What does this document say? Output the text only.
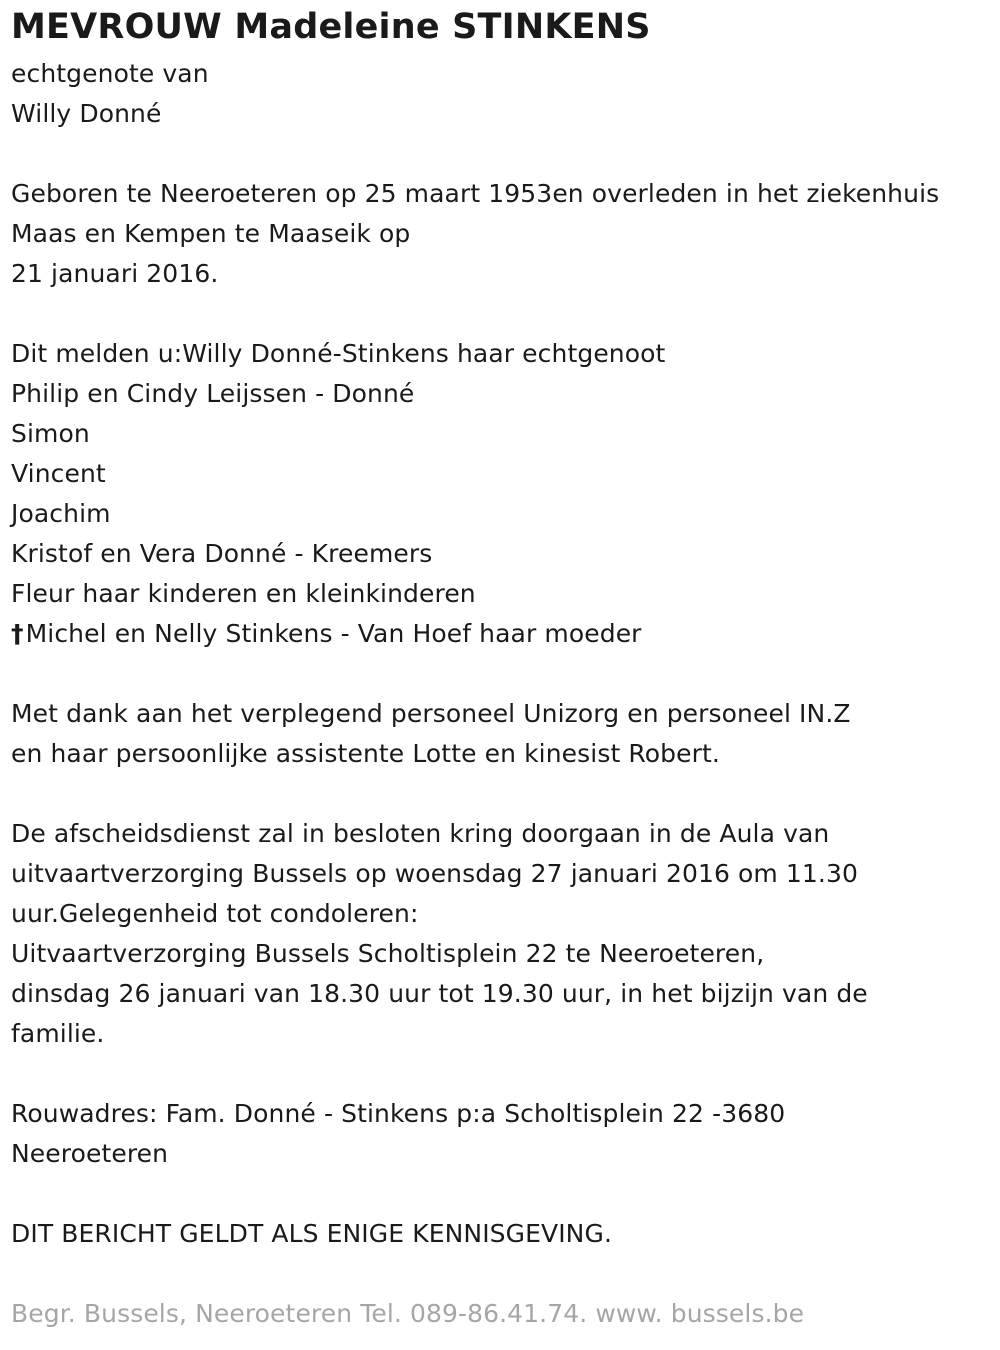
MEVROUW Madeleine STINKENS
echtgenote van
Willy Donné
Geboren te Neeroeteren op 25 maart 1953en overleden in het ziekenhuis
Maas en Kempen te Maaseik op
21 januari 2016.
Dit melden u:Willy Donné-Stinkens haar echtgenoot
Philip en Cindy Leijssen - Donné
Simon
Vincent
Joachim
Kristof en Vera Donné - Kreemers
Fleur haar kinderen en kleinkinderen
†Michel en Nelly Stinkens - Van Hoef haar moeder
Met dank aan het verplegend personeel Unizorg en personeel IN.Z
en haar persoonlijke assistente Lotte en kinesist Robert.
De afscheidsdienst zal in besloten kring doorgaan in de Aula van
uitvaartverzorging Bussels op woensdag 27 januari 2016 om 11.30
uur.Gelegenheid tot condoleren:
Uitvaartverzorging Bussels Scholtisplein 22 te Neeroeteren,
dinsdag 26 januari van 18.30 uur tot 19.30 uur, in het bijzijn van de
familie.
Rouwadres: Fam. Donné - Stinkens p:a Scholtisplein 22 -3680
Neeroeteren
DIT BERICHT GELDT ALS ENIGE KENNISGEVING.
Begr. Bussels, Neeroeteren Tel. 089-86.41.74. www. bussels.be
